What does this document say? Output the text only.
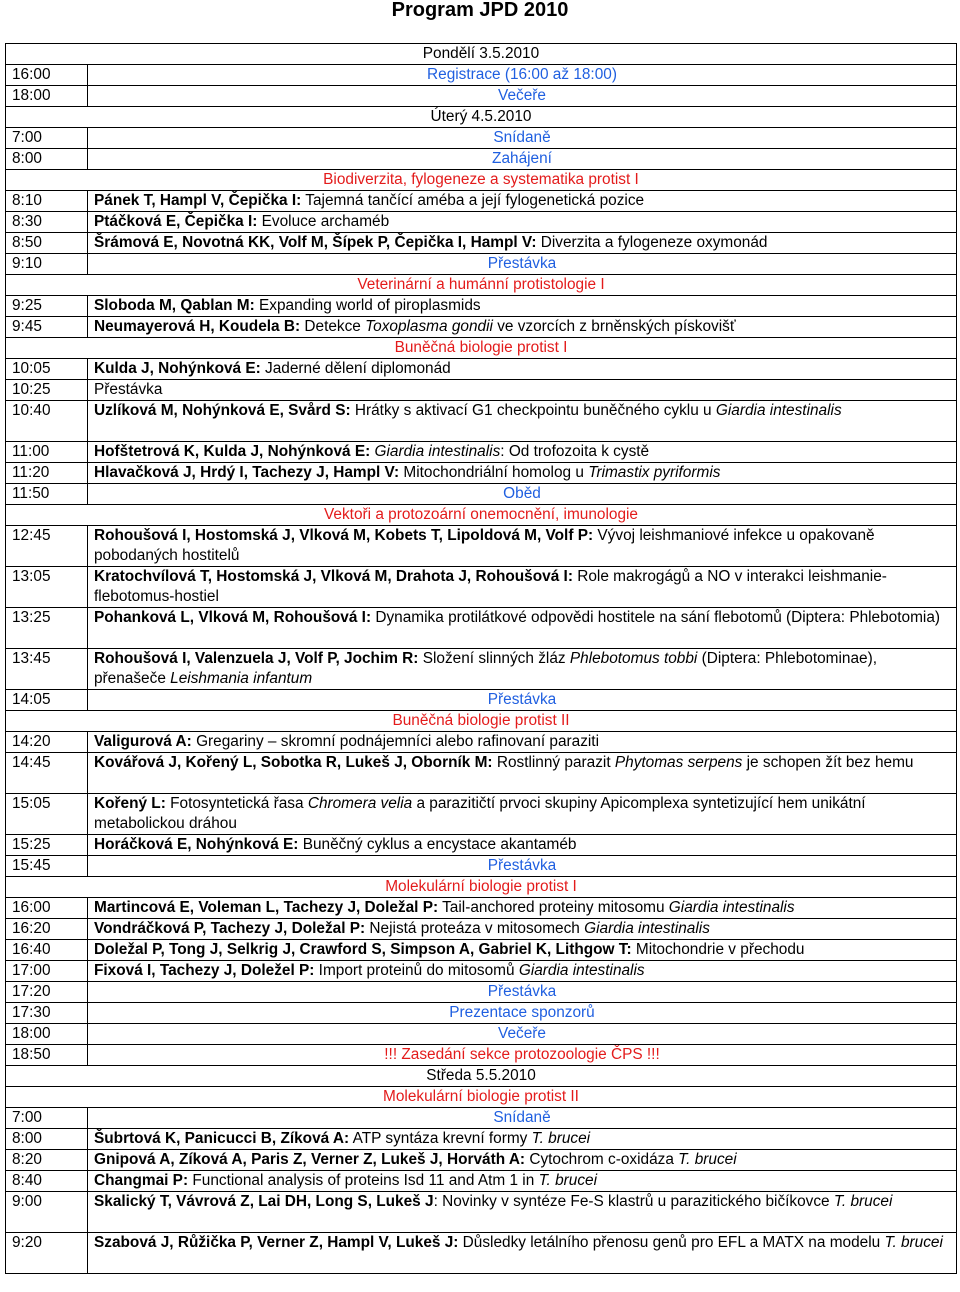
Program JPD 2010
Pondělí 3.5.2010	
16:00	Registrace (16:00 až 18:00)
18:00	Večeře
Úterý 4.5.2010	
7:00	Snídaně
8:00	Zahájení
Biodiverzita, fylogeneze a systematika protist I	
8:10	Pánek T, Hampl V, Čepička I: Tajemná tančící améba a její fylogenetická pozice
8:30	Ptáčková E, Čepička I: Evoluce archaméb
8:50	Šrámová E, Novotná KK, Volf M, Šípek P, Čepička I, Hampl V: Diverzita a fylogeneze oxymonád
9:10	Přestávka
Veterinární a humánní protistologie I	
9:25	Sloboda M, Qablan M: Expanding world of piroplasmids
9:45	Neumayerová H, Koudela B: Detekce Toxoplasma gondii ve vzorcích z brněnských pískovišť
Buněčná biologie protist I	
10:05	Kulda J, Nohýnková E: Jaderné dělení diplomonád
10:25	Přestávka
10:40	Uzlíková M, Nohýnková E, Svård S: Hrátky s aktivací G1 checkpointu buněčného cyklu u Giardia intestinalis
11:00	Hofštetrová K, Kulda J, Nohýnková E: Giardia intestinalis: Od trofozoita k cystě
11:20	Hlavačková J, Hrdý I, Tachezy J, Hampl V: Mitochondriální homolog u Trimastix pyriformis
11:50	Oběd
Vektoři a protozoární onemocnění, imunologie	
12:45	Rohoušová I, Hostomská J, Vlková M, Kobets T, Lipoldová M, Volf P: Vývoj leishmaniové infekce u opakovaně pobodaných hostitelů
13:05	Kratochvílová T, Hostomská J, Vlková M, Drahota J, Rohoušová I: Role makrogágů a NO v interakci leishmanie-flebotomus-hostiel
13:25	Pohanková L, Vlková M, Rohoušová I: Dynamika protilátkové odpovědi hostitele na sání flebotomů (Diptera: Phlebotomia)
13:45	Rohoušová I, Valenzuela J, Volf P, Jochim R: Složení slinných žláz Phlebotomus tobbi (Diptera: Phlebotominae), přenašeče Leishmania infantum
14:05	Přestávka
Buněčná biologie protist II	
14:20	Valigurová A: Gregariny – skromní podnájemníci alebo rafinovaní paraziti
14:45	Kovářová J, Kořený L, Sobotka R, Lukeš J, Oborník M: Rostlinný parazit Phytomas serpens je schopen žít bez hemu
15:05	Kořený L: Fotosyntetická řasa Chromera velia a parazitičtí prvoci skupiny Apicomplexa syntetizující hem unikátní metabolickou dráhou
15:25	Horáčková E, Nohýnková E: Buněčný cyklus a encystace akantaméb
15:45	Přestávka
Molekulární biologie protist I	
16:00	Martincová E, Voleman L, Tachezy J, Doležal P: Tail-anchored proteiny mitosomu Giardia intestinalis
16:20	Vondráčková P, Tachezy J, Doležal P: Nejistá proteáza v mitosomech Giardia intestinalis
16:40	Doležal P, Tong J, Selkrig J, Crawford S, Simpson A, Gabriel K, Lithgow T: Mitochondrie v přechodu
17:00	Fixová I, Tachezy J, Doležel P: Import proteinů do mitosomů Giardia intestinalis
17:20	Přestávka
17:30	Prezentace sponzorů
18:00	Večeře
18:50	!!! Zasedání sekce protozoologie ČPS !!!
Středa 5.5.2010	
Molekulární biologie protist II	
7:00	Snídaně
8:00	Šubrtová K, Panicucci B, Zíková A: ATP syntáza krevní formy T. brucei
8:20	Gnipová A, Zíková A, Paris Z, Verner Z, Lukeš J, Horváth A: Cytochrom c-oxidáza T. brucei
8:40	Changmai P: Functional analysis of proteins Isd 11 and Atm 1 in T. brucei
9:00	Skalický T, Vávrová Z, Lai DH, Long S, Lukeš J: Novinky v syntéze Fe-S klastrů u parazitického bičíkovce T. brucei
9:20	Szabová J, Růžička P, Verner Z, Hampl V, Lukeš J: Důsledky letálního přenosu genů pro EFL a MATX na modelu T. brucei
